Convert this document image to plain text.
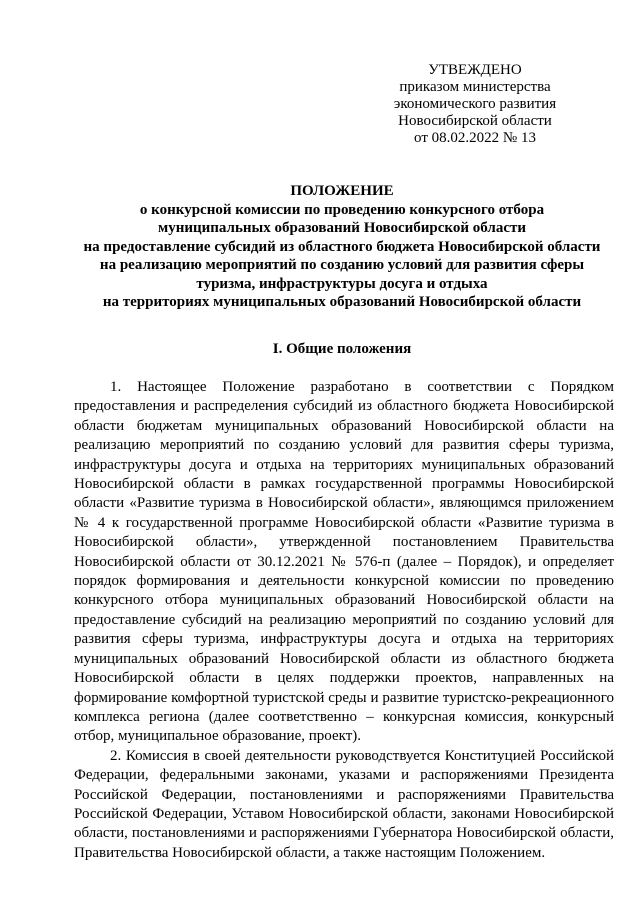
УТВЕЖДЕНО
приказом министерства
экономического развития
Новосибирской области
от 08.02.2022 № 13
ПОЛОЖЕНИЕ
о конкурсной комиссии по проведению конкурсного отбора
муниципальных образований Новосибирской области
на предоставление субсидий из областного бюджета Новосибирской области
на реализацию мероприятий по созданию условий для развития сферы
туризма, инфраструктуры досуга и отдыха
на территориях муниципальных образований Новосибирской области
I. Общие положения

1. Настоящее Положение разработано в соответствии с Порядком предоставления и распределения субсидий из областного бюджета Новосибирской области бюджетам муниципальных образований Новосибирской области на реализацию мероприятий по созданию условий для развития сферы туризма, инфраструктуры досуга и отдыха на территориях муниципальных образований Новосибирской области в рамках государственной программы Новосибирской области «Развитие туризма в Новосибирской области», являющимся приложением № 4 к государственной программе Новосибирской области «Развитие туризма в Новосибирской области», утвержденной постановлением Правительства Новосибирской области от 30.12.2021 № 576-п (далее – Порядок), и определяет порядок формирования и деятельности конкурсной комиссии по проведению конкурсного отбора муниципальных образований Новосибирской области на предоставление субсидий на реализацию мероприятий по созданию условий для развития сферы туризма, инфраструктуры досуга и отдыха на территориях муниципальных образований Новосибирской области из областного бюджета Новосибирской области в целях поддержки проектов, направленных на формирование комфортной туристской среды и развитие туристско-рекреационного комплекса региона (далее соответственно – конкурсная комиссия, конкурсный отбор, муниципальное образование, проект).

2. Комиссия в своей деятельности руководствуется Конституцией Российской Федерации, федеральными законами, указами и распоряжениями Президента Российской Федерации, постановлениями и распоряжениями Правительства Российской Федерации, Уставом Новосибирской области, законами Новосибирской области, постановлениями и распоряжениями Губернатора Новосибирской области, Правительства Новосибирской области, а также настоящим Положением.
